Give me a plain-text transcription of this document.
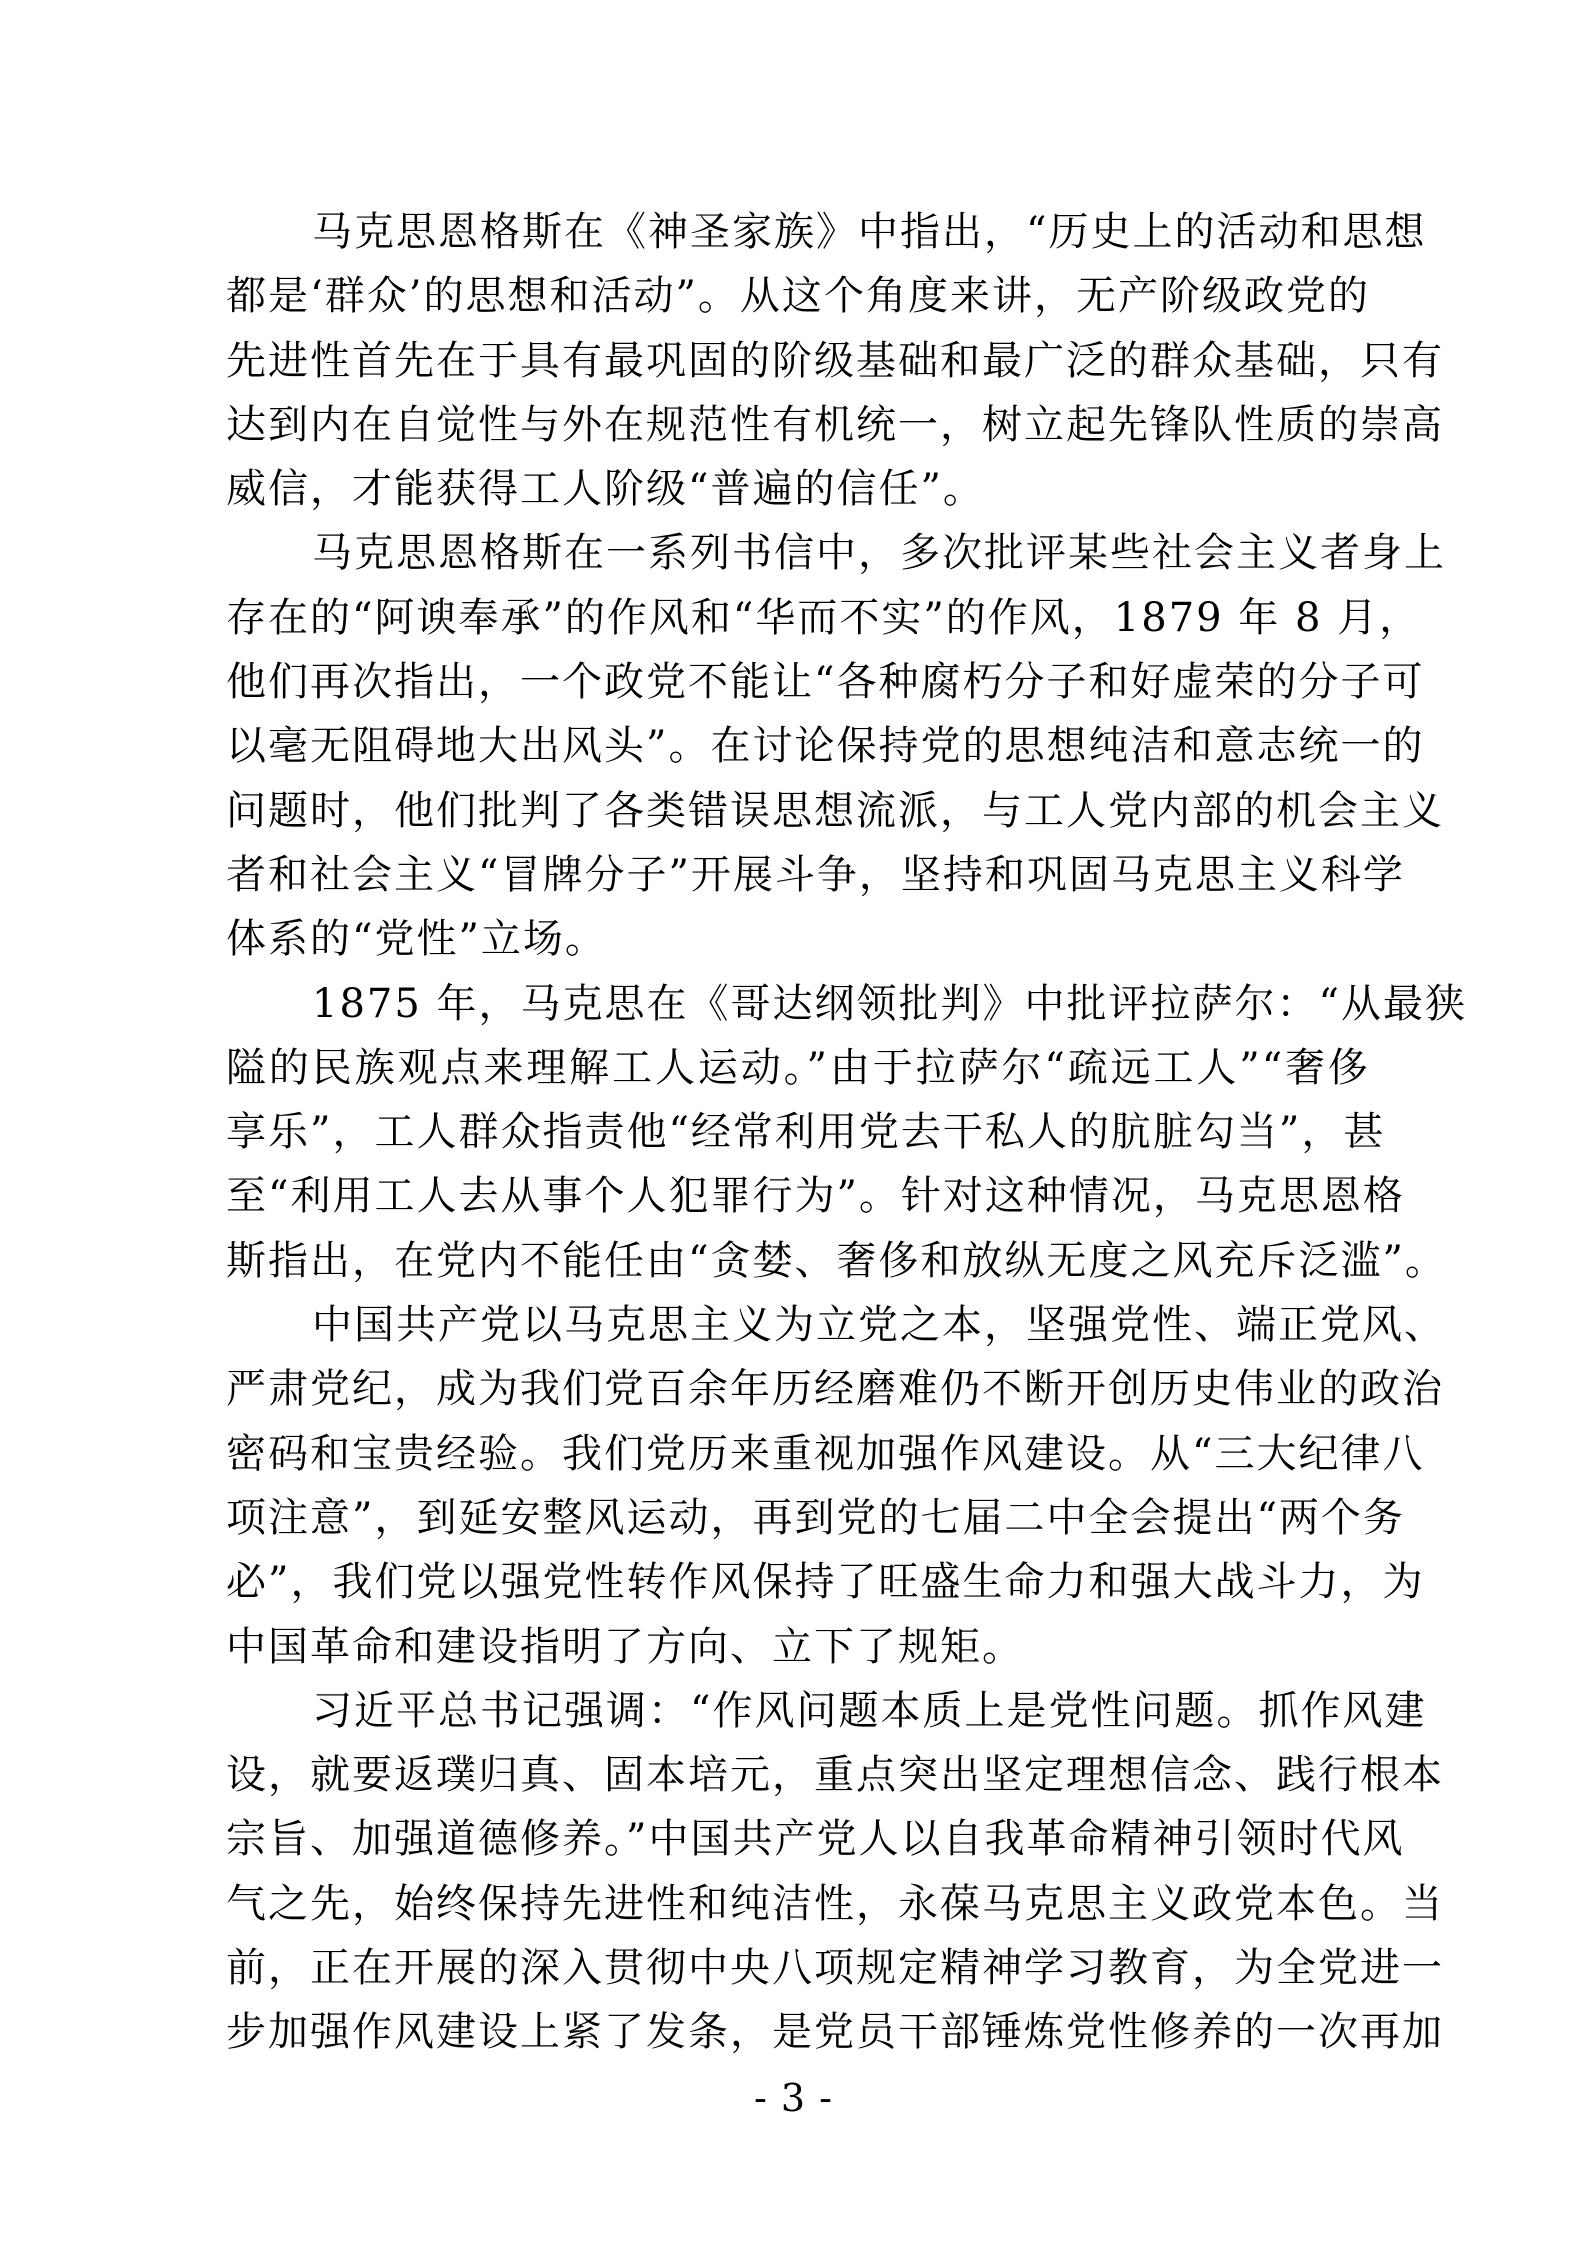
马克思恩格斯在《神圣家族》中指出，“历史上的活动和思想
都是‘群众’的思想和活动”。从这个角度来讲，无产阶级政党的
先进性首先在于具有最巩固的阶级基础和最广泛的群众基础，只有
达到内在自觉性与外在规范性有机统一，树立起先锋队性质的崇高
威信，才能获得工人阶级“普遍的信任”。
马克思恩格斯在一系列书信中，多次批评某些社会主义者身上
存在的“阿谀奉承”的作风和“华而不实”的作风，1879 年 8 月，
他们再次指出，一个政党不能让“各种腐朽分子和好虚荣的分子可
以毫无阻碍地大出风头”。在讨论保持党的思想纯洁和意志统一的
问题时，他们批判了各类错误思想流派，与工人党内部的机会主义
者和社会主义“冒牌分子”开展斗争，坚持和巩固马克思主义科学
体系的“党性”立场。
1875 年，马克思在《哥达纲领批判》中批评拉萨尔：“从最狭
隘的民族观点来理解工人运动。”由于拉萨尔“疏远工人”“奢侈
享乐”，工人群众指责他“经常利用党去干私人的肮脏勾当”，甚
至“利用工人去从事个人犯罪行为”。针对这种情况，马克思恩格
斯指出，在党内不能任由“贪婪、奢侈和放纵无度之风充斥泛滥”。
中国共产党以马克思主义为立党之本，坚强党性、端正党风、
严肃党纪，成为我们党百余年历经磨难仍不断开创历史伟业的政治
密码和宝贵经验。我们党历来重视加强作风建设。从“三大纪律八
项注意”，到延安整风运动，再到党的七届二中全会提出“两个务
必”，我们党以强党性转作风保持了旺盛生命力和强大战斗力，为
中国革命和建设指明了方向、立下了规矩。
习近平总书记强调：“作风问题本质上是党性问题。抓作风建
设，就要返璞归真、固本培元，重点突出坚定理想信念、践行根本
宗旨、加强道德修养。”中国共产党人以自我革命精神引领时代风
气之先，始终保持先进性和纯洁性，永葆马克思主义政党本色。当
前，正在开展的深入贯彻中央八项规定精神学习教育，为全党进一
步加强作风建设上紧了发条，是党员干部锤炼党性修养的一次再加
- 3 -
